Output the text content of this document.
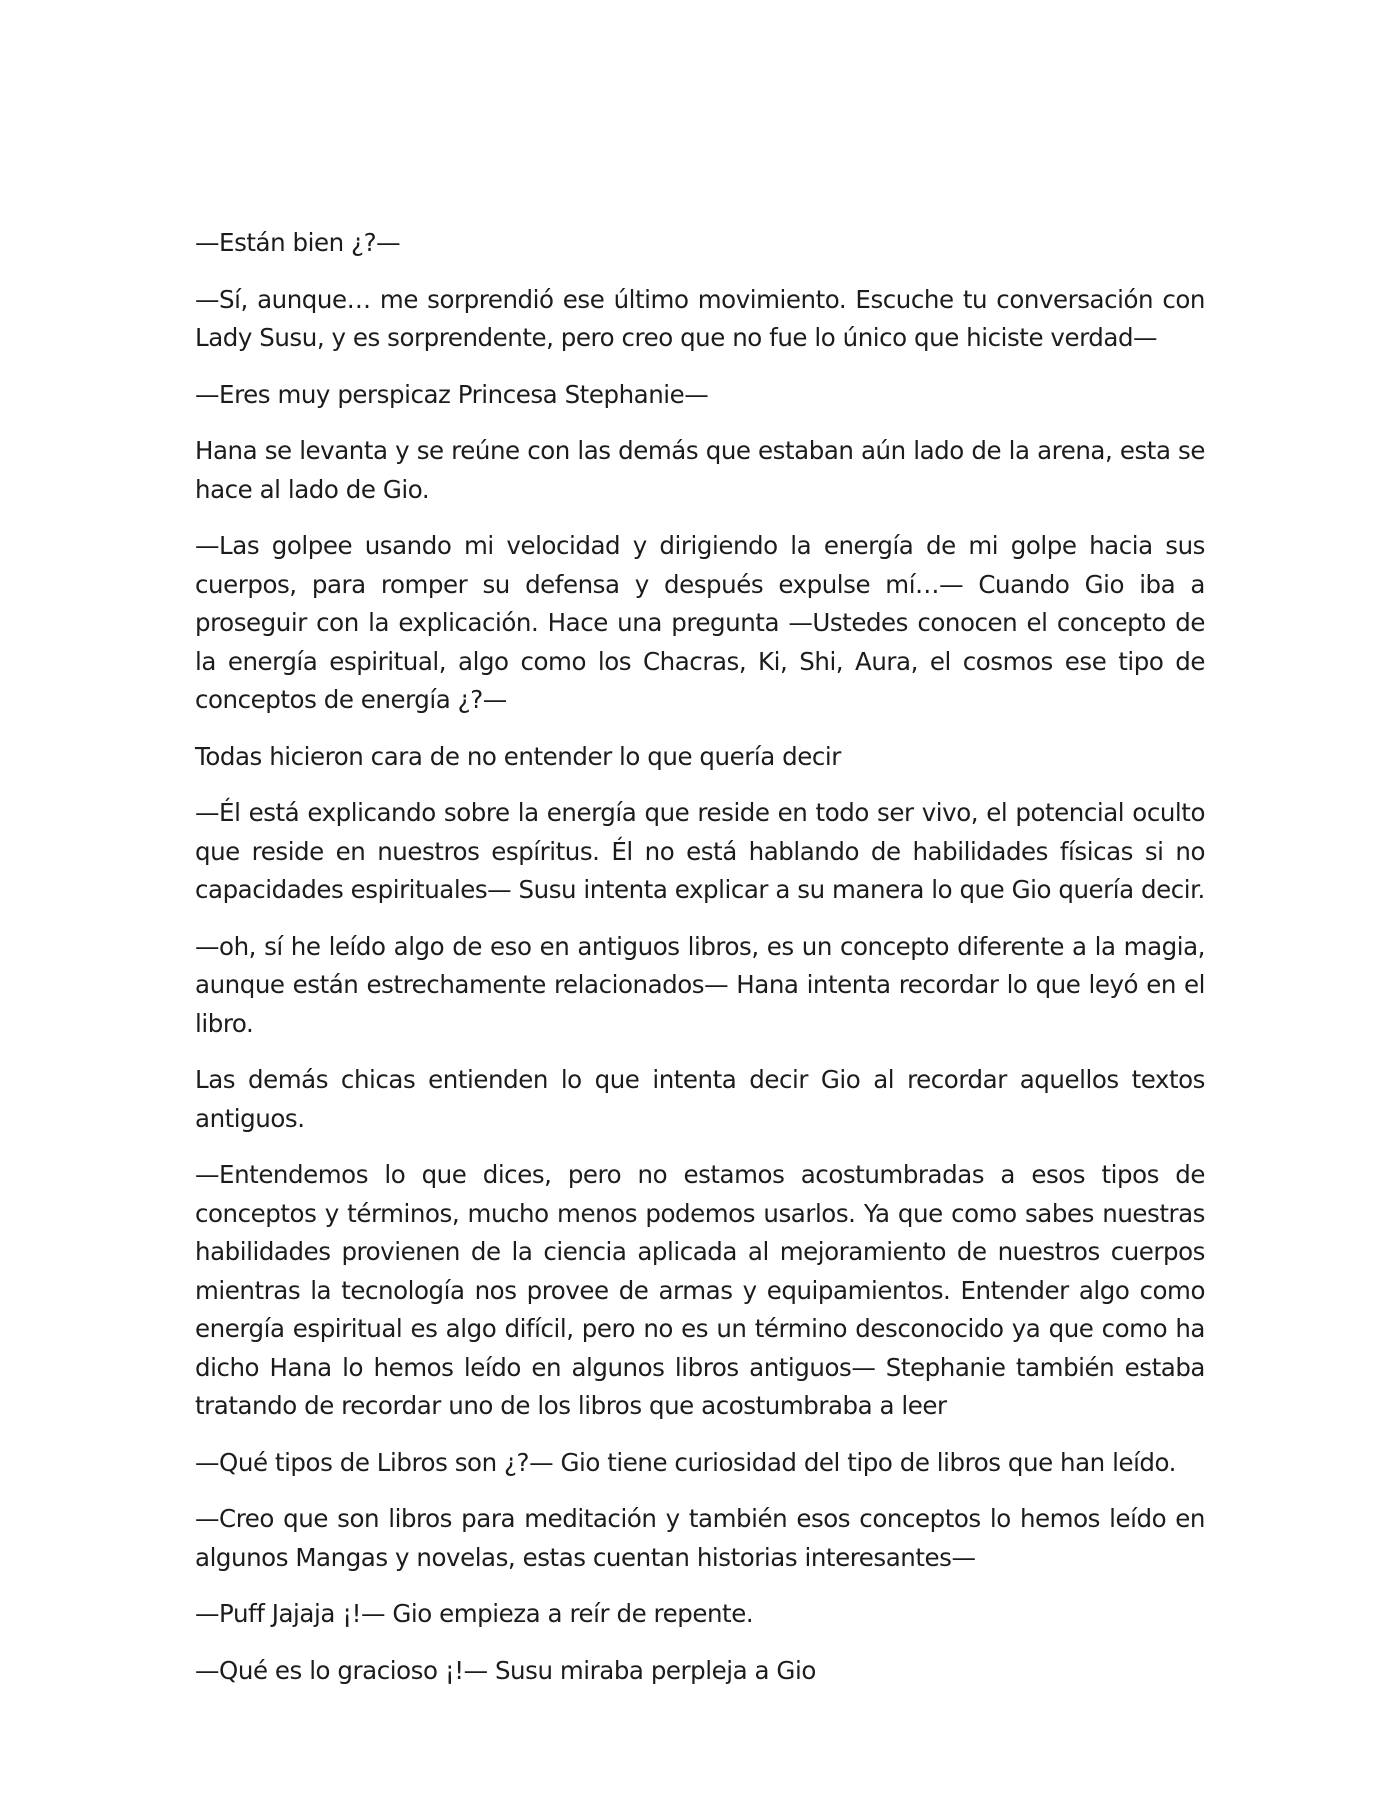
—Están bien ¿?—

—Sí, aunque… me sorprendió ese último movimiento. Escuche tu conversación con Lady Susu, y es sorprendente, pero creo que no fue lo único que hiciste verdad—

—Eres muy perspicaz Princesa Stephanie—

Hana se levanta y se reúne con las demás que estaban aún lado de la arena, esta se hace al lado de Gio.

—Las golpee usando mi velocidad y dirigiendo la energía de mi golpe hacia sus cuerpos, para romper su defensa y después expulse mí…— Cuando Gio iba a proseguir con la explicación. Hace una pregunta —Ustedes conocen el concepto de la energía espiritual, algo como los Chacras, Ki, Shi, Aura, el cosmos ese tipo de conceptos de energía ¿?—

Todas hicieron cara de no entender lo que quería decir

—Él está explicando sobre la energía que reside en todo ser vivo, el potencial oculto que reside en nuestros espíritus. Él no está hablando de habilidades físicas si no capacidades espirituales— Susu intenta explicar a su manera lo que Gio quería decir.

—oh, sí he leído algo de eso en antiguos libros, es un concepto diferente a la magia, aunque están estrechamente relacionados— Hana intenta recordar lo que leyó en el libro.

Las demás chicas entienden lo que intenta decir Gio al recordar aquellos textos antiguos.

—Entendemos lo que dices, pero no estamos acostumbradas a esos tipos de conceptos y términos, mucho menos podemos usarlos. Ya que como sabes nuestras habilidades provienen de la ciencia aplicada al mejoramiento de nuestros cuerpos mientras la tecnología nos provee de armas y equipamientos. Entender algo como energía espiritual es algo difícil, pero no es un término desconocido ya que como ha dicho Hana lo hemos leído en algunos libros antiguos— Stephanie también estaba tratando de recordar uno de los libros que acostumbraba a leer

—Qué tipos de Libros son ¿?— Gio tiene curiosidad del tipo de libros que han leído.

—Creo que son libros para meditación y también esos conceptos lo hemos leído en algunos Mangas y novelas, estas cuentan historias interesantes—

—Puff Jajaja ¡!— Gio empieza a reír de repente.

—Qué es lo gracioso ¡!— Susu miraba perpleja a Gio
